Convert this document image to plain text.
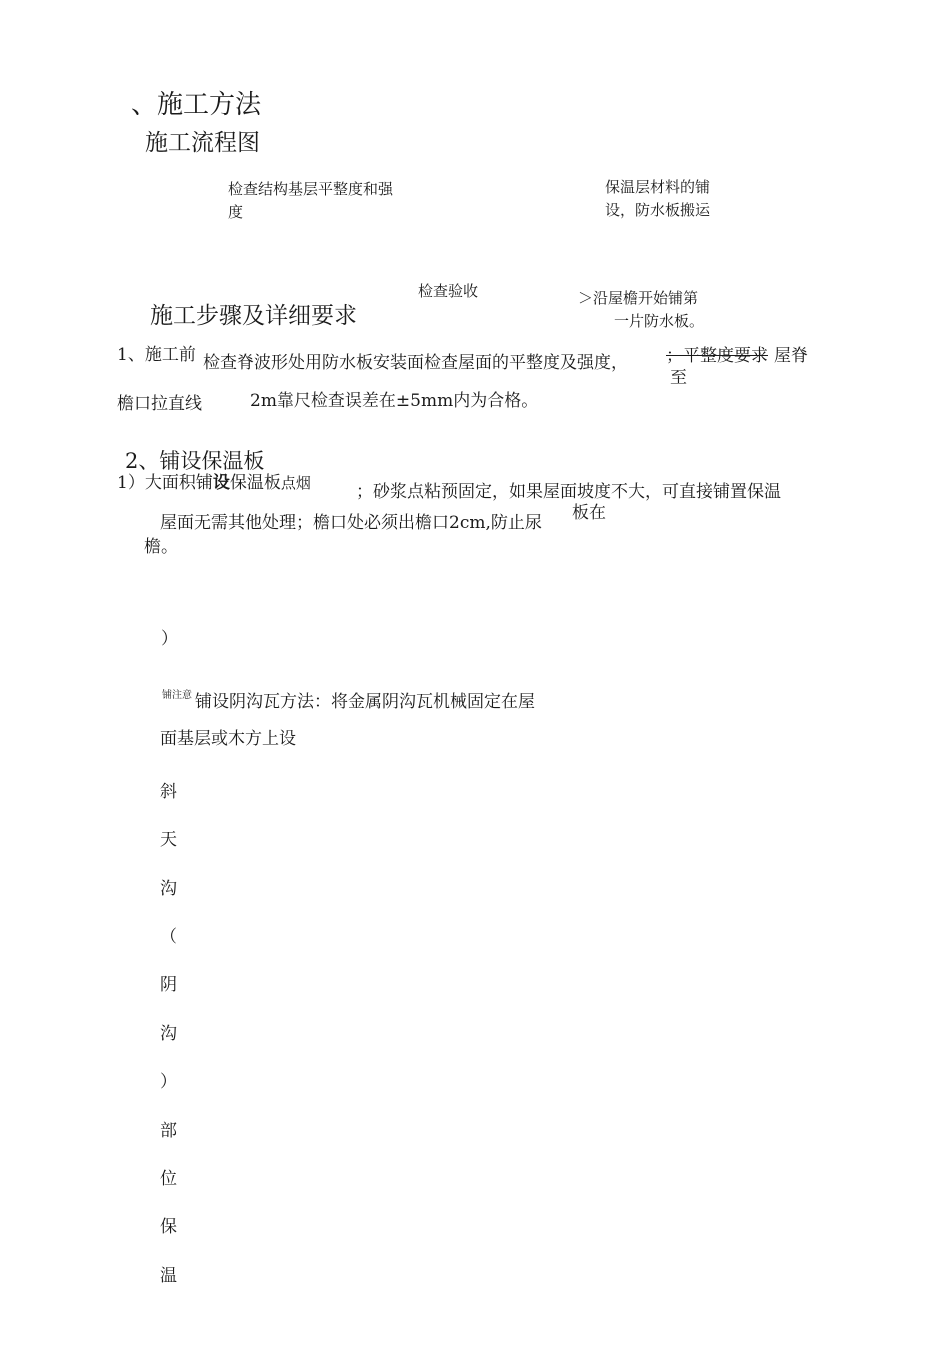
、施工方法
施工流程图
检查结构基层平整度和强
度
保温层材料的铺
设，防水板搬运
检查验收	＞沿屋檐开始铺第
一片防水板。
施工步骤及详细要求
1、施工前 检查脊波形处用防水板安装面检查屋面的平整度及强度， ；平整度要求 屋脊
至
檐口拉直线	2m靠尺检查误差在±5mm内为合格。
2、铺设保温板
1）大面积铺设保温板点烟	；砂浆点粘预固定，如果屋面坡度不大，可直接铺置保温
板在
屋面无需其他处理；檐口处必须出檐口2cm,防止尿
檐。
）
铺注意 铺设阴沟瓦方法：将金属阴沟瓦机械固定在屋
面基层或木方上设
斜
天
沟
（
阴
沟
）
部
位
保
温
